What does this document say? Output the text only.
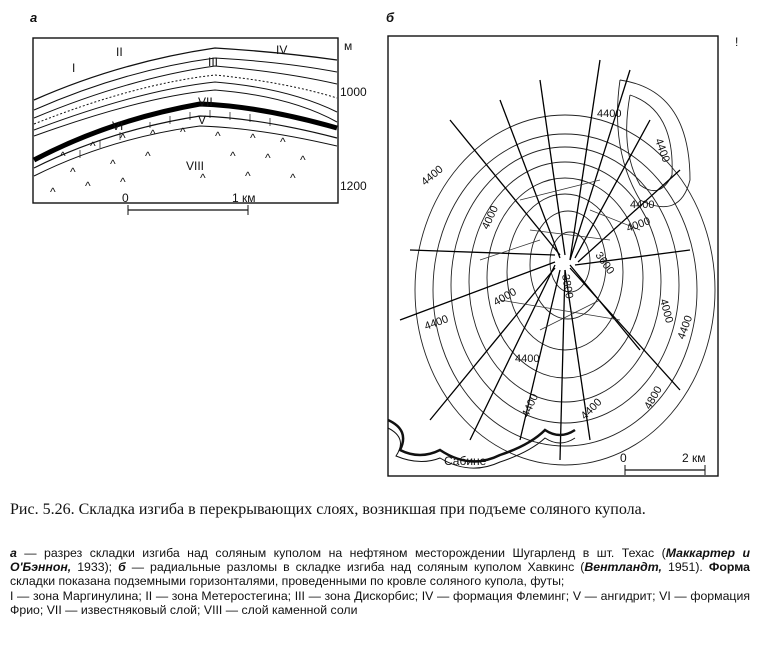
а
^
^
^ ^ ^ ^ ^ ^
^
^
^	^ ^ ^
^ ^ ^	^	^	^
I
II
III
IV
VI
VII
V
VIII
м
1000
1200
0	1 км
б
!
4400
4400
4400
4000	4400
4000
3800
3600
4000
4400
4400
4000
4400
4400	4400	4800
Сабине	0	2 км
Рис. 5.26. Складка изгиба в перекрывающих слоях, возникшая при подъеме соляного купола.

а — разрез складки изгиба над соляным куполом на нефтяном месторождении Шугарленд в шт. Техас (Маккартер и О'Бэннон, 1933); б — радиальные разломы в складке изгиба над соляным куполом Хавкинс (Вентландт, 1951). Форма складки показана подземными горизонталями, проведенными по кровле соляного купола, футы;

I — зона Маргинулина; II — зона Метеростегина; III — зона Дискорбис; IV — формация Флеминг; V — ангидрит; VI — формация Фрио; VII — известняковый слой; VIII — слой каменной соли
